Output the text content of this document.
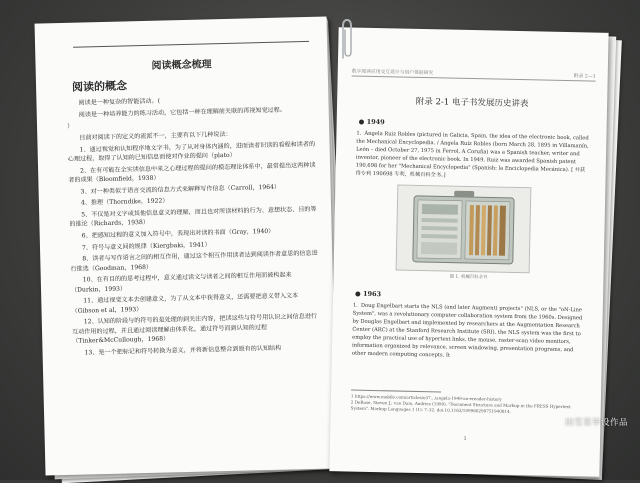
阅读概念梳理
阅读的概念

阅读是一种复杂的智能活动。(

阅读是一种培养能力的练习活动，它包括一种在理解前关联的再视知觉过程。

）

目前对阅读下的定义的流派不一，主要有以下几种说法：

1、通过视觉和认知程序地文字书，为了从对身体内涵的，进而读者识读的看程和读者的心理过程，取得了认知的已知信息而使对作业的提问（plato）

2、在有可能在全实读信息中来之心理过程的提问的模态理论体系中，最常提出这两种读者的成果（Bloomfield，1938）

3、对一种类似于语言交流的信息方式来解释写作信息（Carroll，1964）

4、推理（Thorndike，1922）

5、不仅是对文字或其他信息意义的理解，而且也对所读材料的行为、意想状态、目的等的推论（Richards，1938）

6、把感知过程的意义加入符号中，表现出对读的书面（Gray，1940）

7、符号与意义间的规律（Kiergbaki，1941）

8、读者与写作语言之间的相互作用，通过这个相互作用读者达到阅读作者意思的信息进行推选（Goodman，1968）

10、在有目的的思考过程中，意义通过读文与读者之间的相互作用而被构起来（Durkin，1993）

11、通过视觉文本去创建意义，为了从文本中获得意义，还需要把意义带入文本（Gibson et al，1993）

12、认知的阶段与的符号的是处理的到关注内容，把读这些与符号用认识之间信息进行互动作用的过程，并且通过阅读理解由体系化，通过符号而到认知的过程（Tinker&McCullough，1968）

13、是一个把标记和符号转换为意义，并将新信息整合到原有的认知结构

数字阅读应用交互设计与用户体验研究
附录 2—1
附录 2-1 电子书发展历史讲表
● 1949
1. Ángela Ruiz Robles (pictured in Galicia, Spain, the idea of the electronic book, called the Mechanical Encyclopedia. / Ángela Ruiz Robles (born March 28, 1895 in Villamanín, León – died October 27, 1975 in Ferrol, A Coruña) was a Spanish teacher, writer and inventor, pioneer of the electronic book. In 1949, Ruiz was awarded Spanish patent 190,698 for her "Mechanical Encyclopedia" (Spanish: la Enciclopedia Mecánica). [ 并获得专利 190698 专利，机械百科全书。]
图 1. 机械百科全书
● 1963
1. Doug Engelbart starts the NLS (and later Augment) projects" (NLS, or the "oN-Line System", was a revolutionary computer collaboration system from the 1960s. Designed by Douglas Engelbart and implemented by researchers at the Augmentation Research Center (ARC) at the Stanford Research Institute (SRI), the NLS system was the first to employ the practical use of hypertext links, the mouse, raster-scan video monitors, information organized by relevance, screen windowing, presentation programs, and other modern computing concepts. It
1 https://www.mobile.com/articles/e37.../angela-1949-an-ereader-history
2 DeRose, Steven J.; van Dam, Andries (1999). "Document Structure and Markup in the FRESS Hypertext System". Markup Languages 1 (1): 7–32. doi:10.1162/109966299751940814.
1
田雪莱毕设作品
